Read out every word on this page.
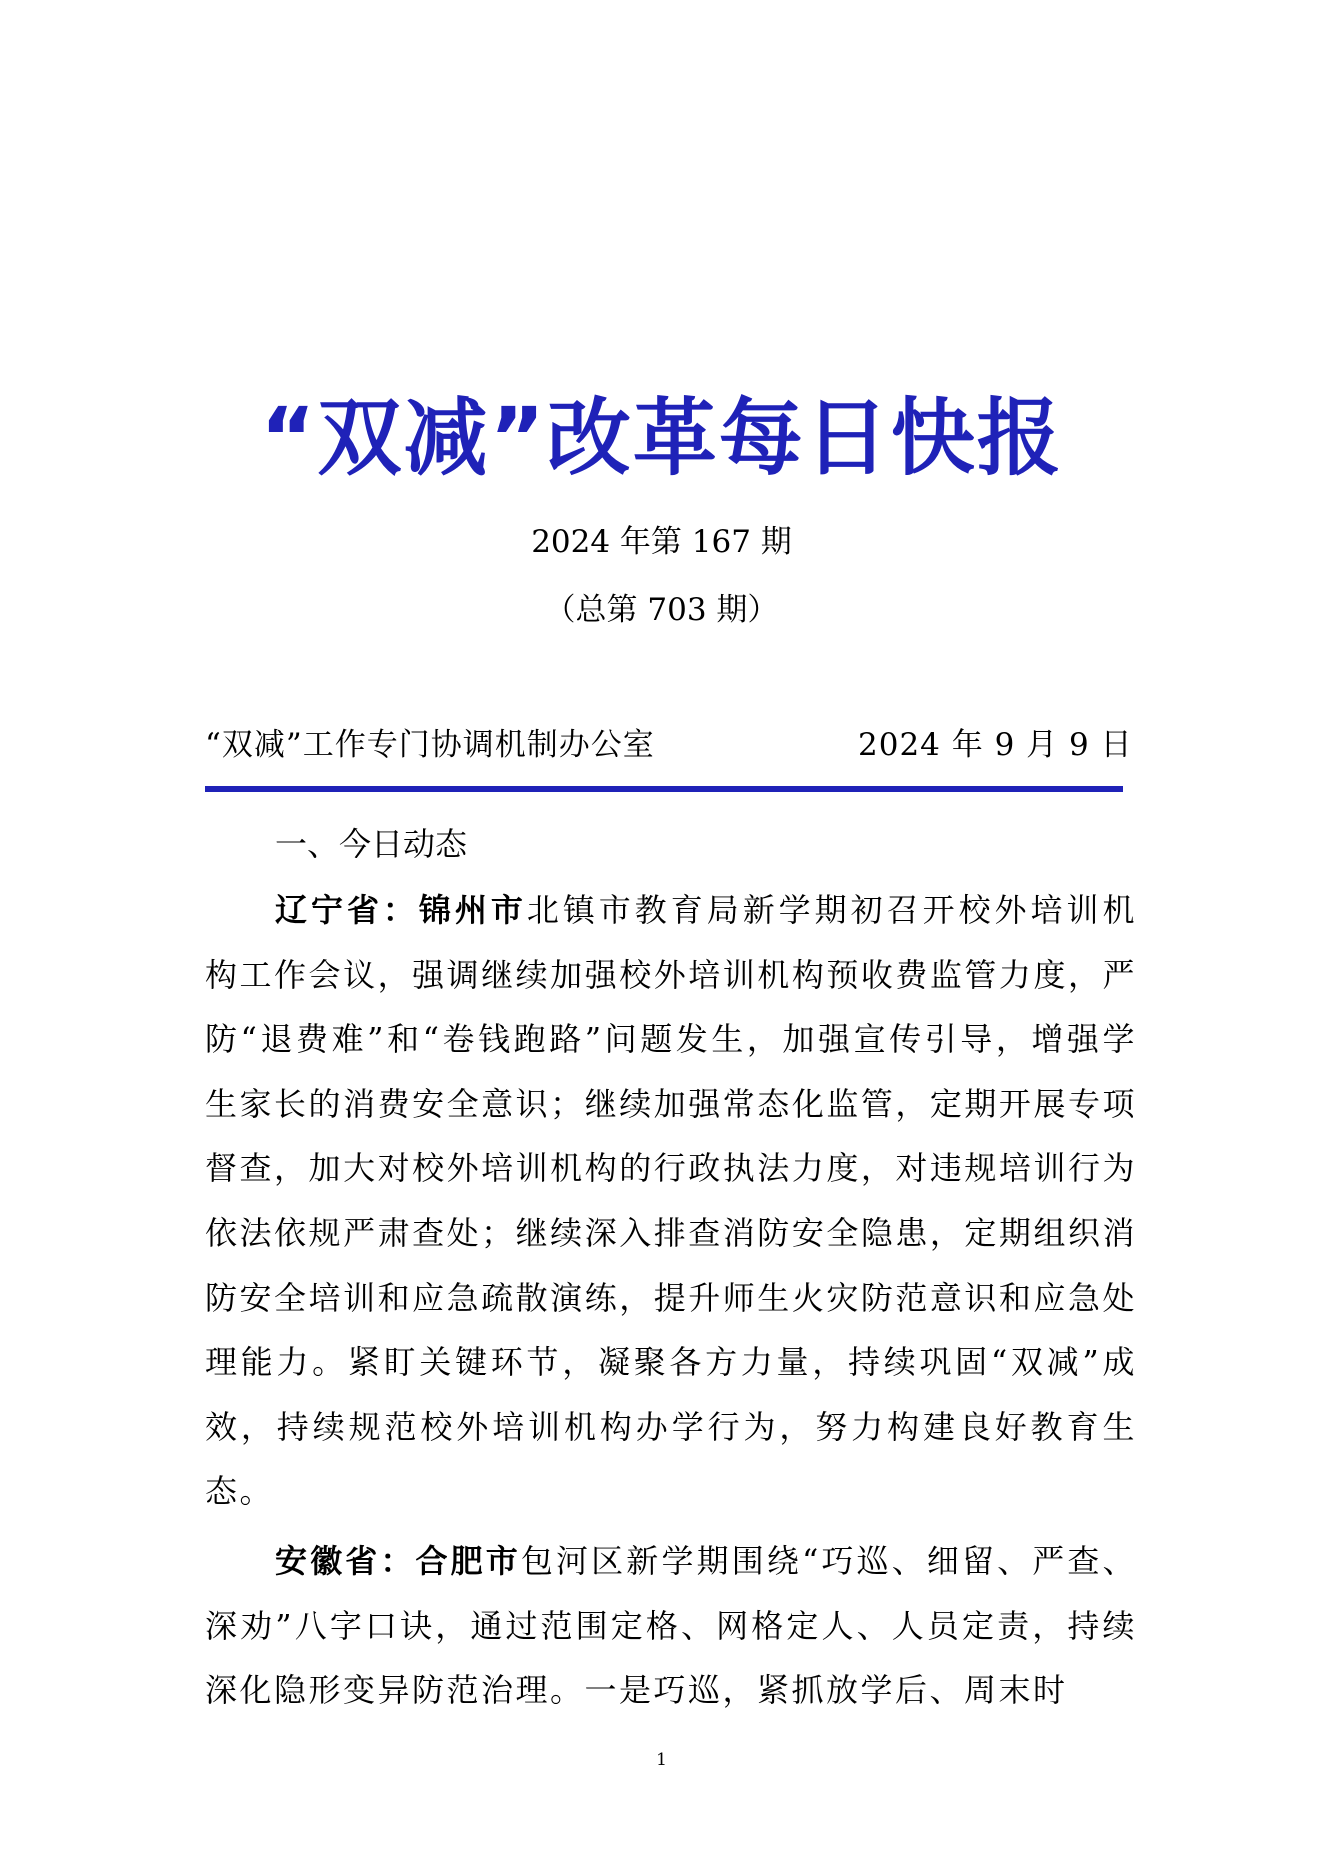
“双减”改革每日快报
2024 年第 167 期
（总第 703 期）
“双减”工作专门协调机制办公室	2024 年 9 月 9 日
一、今日动态

辽宁省：锦州市北镇市教育局新学期初召开校外培训机构工作会议，强调继续加强校外培训机构预收费监管力度，严防“退费难”和“卷钱跑路”问题发生，加强宣传引导，增强学生家长的消费安全意识；继续加强常态化监管，定期开展专项督查，加大对校外培训机构的行政执法力度，对违规培训行为依法依规严肃查处；继续深入排查消防安全隐患，定期组织消防安全培训和应急疏散演练，提升师生火灾防范意识和应急处理能力。紧盯关键环节，凝聚各方力量，持续巩固“双减”成效，持续规范校外培训机构办学行为，努力构建良好教育生态。

安徽省：合肥市包河区新学期围绕“巧巡、细留、严查、深劝”八字口诀，通过范围定格、网格定人、人员定责，持续深化隐形变异防范治理。一是巧巡，紧抓放学后、周末时

1
